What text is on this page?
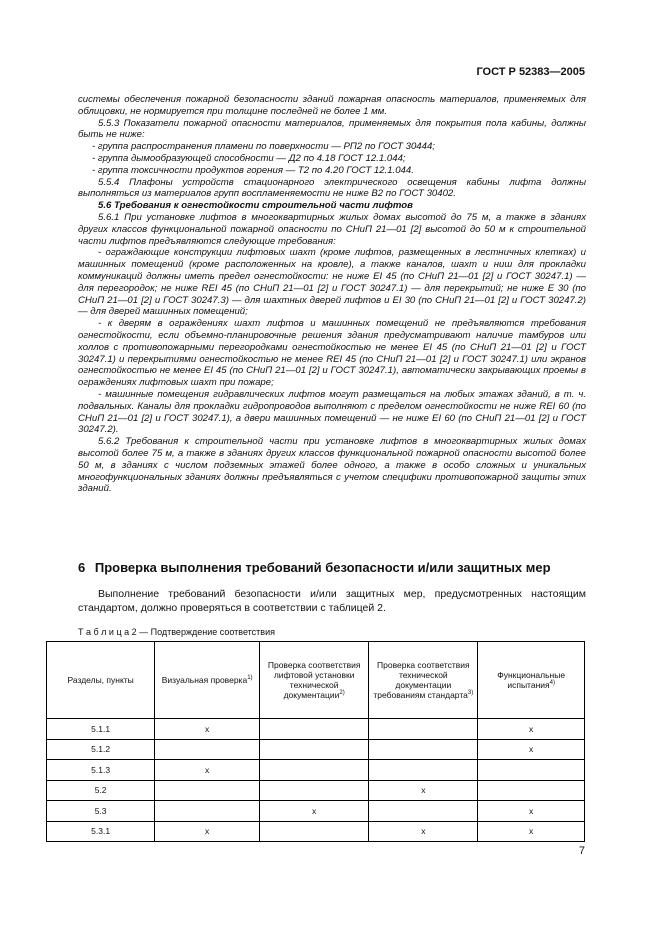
ГОСТ Р 52383—2005

системы обеспечения пожарной безопасности зданий пожарная опасность материалов, применяемых для облицовки, не нормируется при толщине последней не более 1 мм.

5.5.3 Показатели пожарной опасности материалов, применяемых для покрытия пола кабины, должны быть не ниже:

- группа распространения пламени по поверхности — РП2 по ГОСТ 30444;

- группа дымообразующей способности — Д2 по 4.18 ГОСТ 12.1.044;

- группа токсичности продуктов горения — Т2 по 4.20 ГОСТ 12.1.044.

5.5.4 Плафоны устройств стационарного электрического освещения кабины лифта должны выполняться из материалов групп воспламеняемости не ниже В2 по ГОСТ 30402.

5.6 Требования к огнестойкости строительной части лифтов

5.6.1 При установке лифтов в многоквартирных жилых домах высотой до 75 м, а также в зданиях других классов функциональной пожарной опасности по СНиП 21—01 [2] высотой до 50 м к строительной части лифтов предъявляются следующие требования:

- ограждающие конструкции лифтовых шахт (кроме лифтов, размещенных в лестничных клетках) и машинных помещений (кроме расположенных на кровле), а также каналов, шахт и ниш для прокладки коммуникаций должны иметь предел огнестойкости: не ниже ЕІ 45 (по СНиП 21—01 [2] и ГОСТ 30247.1) — для перегородок; не ниже REI 45 (по СНиП 21—01 [2] и ГОСТ 30247.1) — для перекрытий; не ниже Е 30 (по СНиП 21—01 [2] и ГОСТ 30247.3) — для шахтных дверей лифтов и ЕІ 30 (по СНиП 21—01 [2] и ГОСТ 30247.2) — для дверей машинных помещений;

- к дверям в ограждениях шахт лифтов и машинных помещений не предъявляются требования огнестойкости, если объемно-планировочные решения здания предусматривают наличие тамбуров или холлов с противопожарными перегородками огнестойкостью не менее ЕІ 45 (по СНиП 21—01 [2] и ГОСТ 30247.1) и перекрытиями огнестойкостью не менее REI 45 (по СНиП 21—01 [2] и ГОСТ 30247.1) или экранов огнестойкостью не менее ЕІ 45 (по СНиП 21—01 [2] и ГОСТ 30247.1), автоматически закрывающих проемы в ограждениях лифтовых шахт при пожаре;

- машинные помещения гидравлических лифтов могут размещаться на любых этажах зданий, в т. ч. подвальных. Каналы для прокладки гидропроводов выполняют с пределом огнестойкости не ниже REI 60 (по СНиП 21—01 [2] и ГОСТ 30247.1), а двери машинных помещений — не ниже ЕІ 60 (по СНиП 21—01 [2] и ГОСТ 30247.2).

5.6.2 Требования к строительной части при установке лифтов в многоквартирных жилых домах высотой более 75 м, а также в зданиях других классов функциональной пожарной опасности высотой более 50 м, в зданиях с числом подземных этажей более одного, а также в особо сложных и уникальных многофункциональных зданиях должны предъявляться с учетом специфики противопожарной защиты этих зданий.

6 Проверка выполнения требований безопасности и/или защитных мер
Выполнение требований безопасности и/или защитных мер, предусмотренных настоящим стандартом, должно проверяться в соответствии с таблицей 2.
Т а б л и ц а 2 — Подтверждение соответствия
Разделы, пункты	Визуальная проверка$^{1)}$	Проверка соответствия лифтовой установки технической документации$^{2)}$	Проверка соответствия технической документации требованиям стандарта$^{3)}$	Функциональные испытания$^{4)}$
5.1.1	х			х
5.1.2				х
5.1.3	х			
5.2			х	
5.3		х		х
5.3.1	х		х	х
7
